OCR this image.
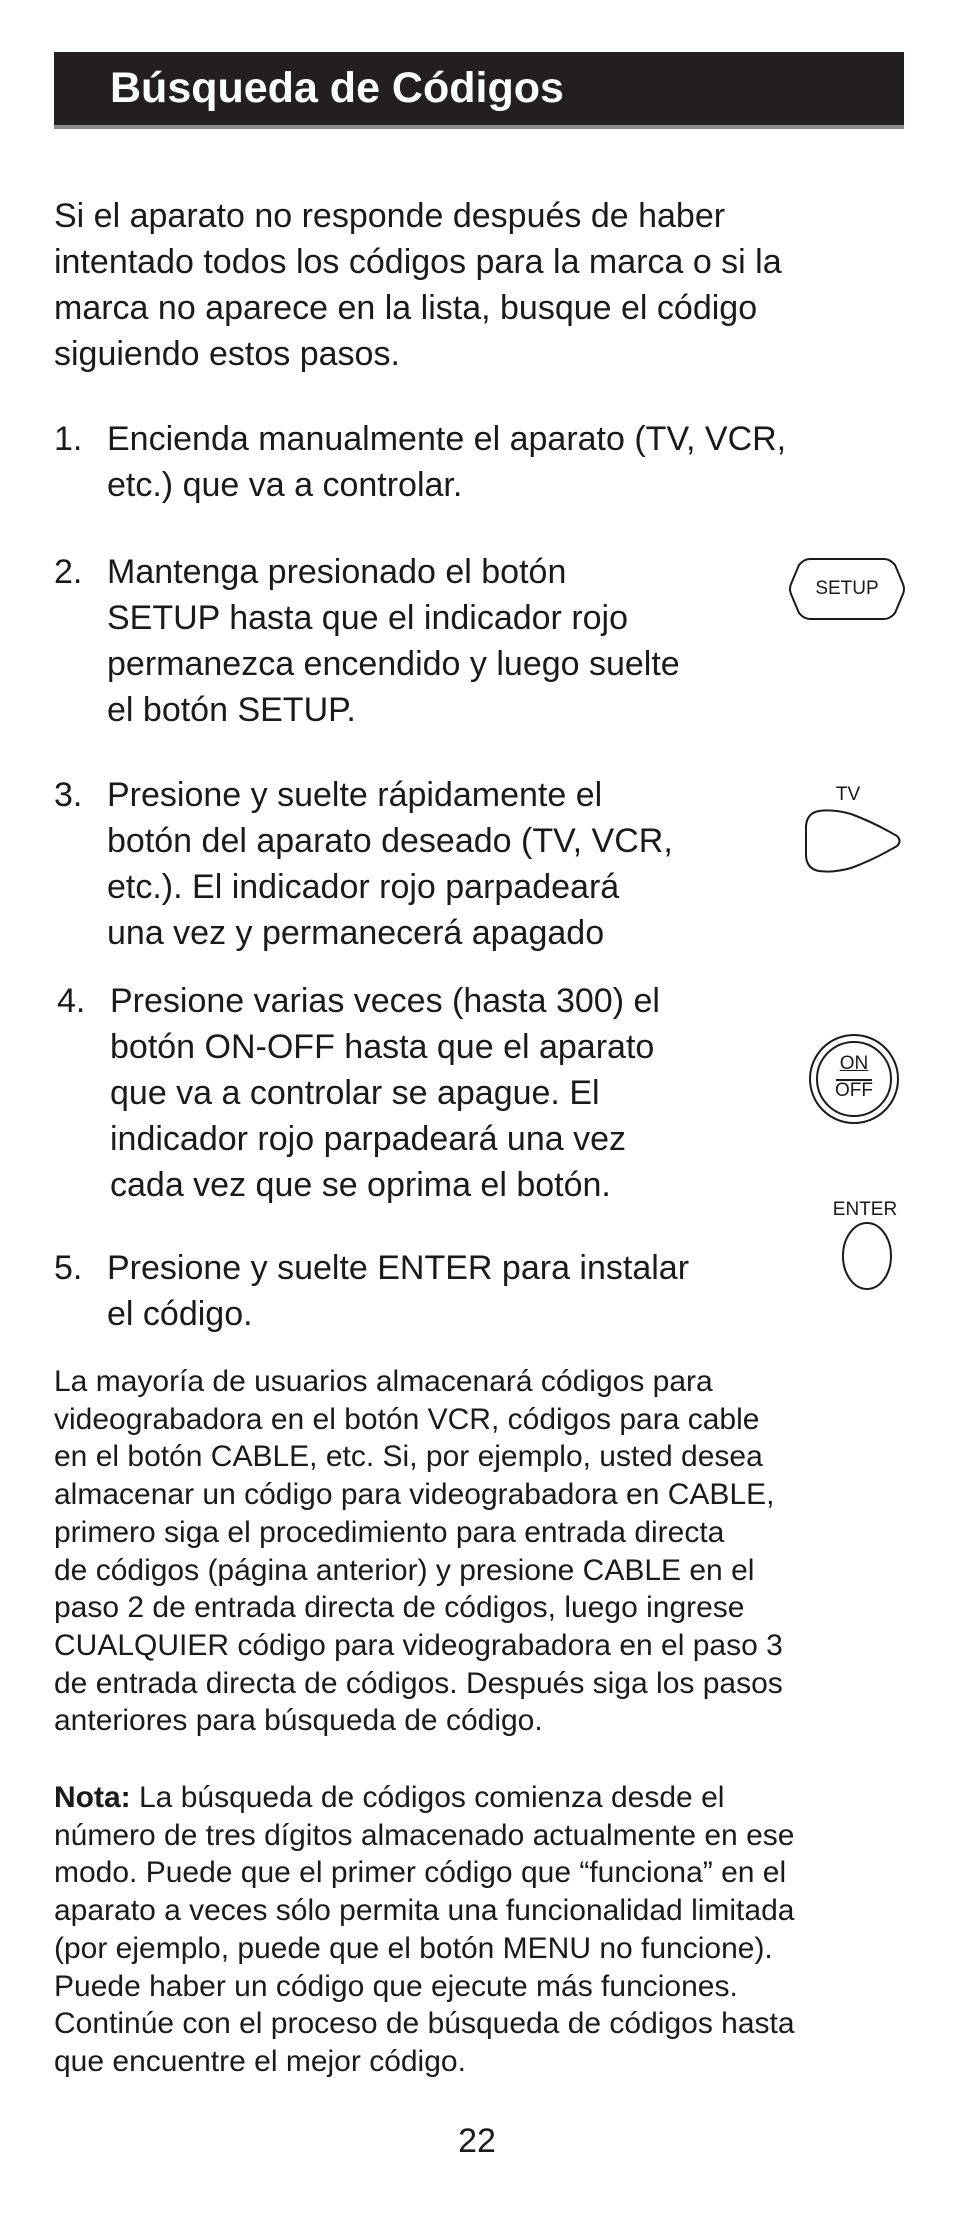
Búsqueda de Códigos
Si el aparato no responde después de haber
intentado todos los códigos para la marca o si la
marca no aparece en la lista, busque el código
siguiendo estos pasos.
1. Encienda manualmente el aparato (TV, VCR,
etc.) que va a controlar.
2. Mantenga presionado el botón
SETUP hasta que el indicador rojo
permanezca encendido y luego suelte
el botón SETUP.
SETUP
3. Presione y suelte rápidamente el
botón del aparato deseado (TV, VCR,
etc.). El indicador rojo parpadeará
una vez y permanecerá apagado
TV
4. Presione varias veces (hasta 300) el
botón ON-OFF hasta que el aparato
que va a controlar se apague. El
indicador rojo parpadeará una vez
cada vez que se oprima el botón.
ON
OFF
ENTER
5. Presione y suelte ENTER para instalar
el código.
La mayoría de usuarios almacenará códigos para
videograbadora en el botón VCR, códigos para cable
en el botón CABLE, etc. Si, por ejemplo, usted desea
almacenar un código para videograbadora en CABLE,
primero siga el procedimiento para entrada directa
de códigos (página anterior) y presione CABLE en el
paso 2 de entrada directa de códigos, luego ingrese
CUALQUIER código para videograbadora en el paso 3
de entrada directa de códigos. Después siga los pasos
anteriores para búsqueda de código.
Nota: La búsqueda de códigos comienza desde el
número de tres dígitos almacenado actualmente en ese
modo. Puede que el primer código que “funciona” en el
aparato a veces sólo permita una funcionalidad limitada
(por ejemplo, puede que el botón MENU no funcione).
Puede haber un código que ejecute más funciones.
Continúe con el proceso de búsqueda de códigos hasta
que encuentre el mejor código.
22
